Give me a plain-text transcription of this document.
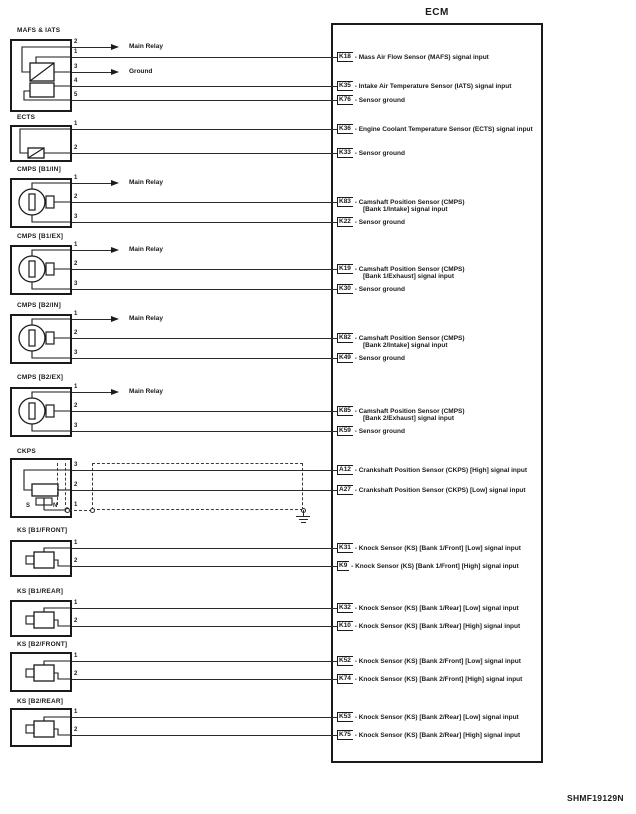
ECM
SHMF19129N
MAFS & IATS
2
Main Relay
1
K18	- Mass Air Flow Sensor (MAFS) signal input
3
Ground
4
K35	- Intake Air Temperature Sensor (IATS) signal input
5
K76	- Sensor ground
ECTS
1
K36	- Engine Coolant Temperature Sensor (ECTS) signal input
2
K33	- Sensor ground
CMPS [B1/IN]
1
Main Relay
2
K83	- Camshaft Position Sensor (CMPS)
[Bank 1/Intake] signal input
3
K22	- Sensor ground
CMPS [B1/EX]
1
Main Relay
2
K19	- Camshaft Position Sensor (CMPS)
[Bank 1/Exhaust] signal input
3
K30	- Sensor ground
CMPS [B2/IN]
1
Main Relay
2
K82	- Camshaft Position Sensor (CMPS)
[Bank 2/Intake] signal input
3
K49	- Sensor ground
CMPS [B2/EX]
1
Main Relay
2
K85	- Camshaft Position Sensor (CMPS)
[Bank 2/Exhaust] signal input
3
K59	- Sensor ground
CKPS
S	N
3
A12	- Crankshaft Position Sensor (CKPS) [High] signal input
2
A27	- Crankshaft Position Sensor (CKPS) [Low] signal input
1
KS [B1/FRONT]
1
K31	- Knock Sensor (KS) [Bank 1/Front] [Low] signal input
2
K9	- Knock Sensor (KS) [Bank 1/Front] [High] signal input
KS [B1/REAR]
1
K32	- Knock Sensor (KS) [Bank 1/Rear] [Low] signal input
2
K10	- Knock Sensor (KS) [Bank 1/Rear] [High] signal input
KS [B2/FRONT]
1
K52	- Knock Sensor (KS) [Bank 2/Front] [Low] signal input
2
K74	- Knock Sensor (KS) [Bank 2/Front] [High] signal input
KS [B2/REAR]
1
K53	- Knock Sensor (KS) [Bank 2/Rear] [Low] signal input
2
K75	- Knock Sensor (KS) [Bank 2/Rear] [High] signal input
